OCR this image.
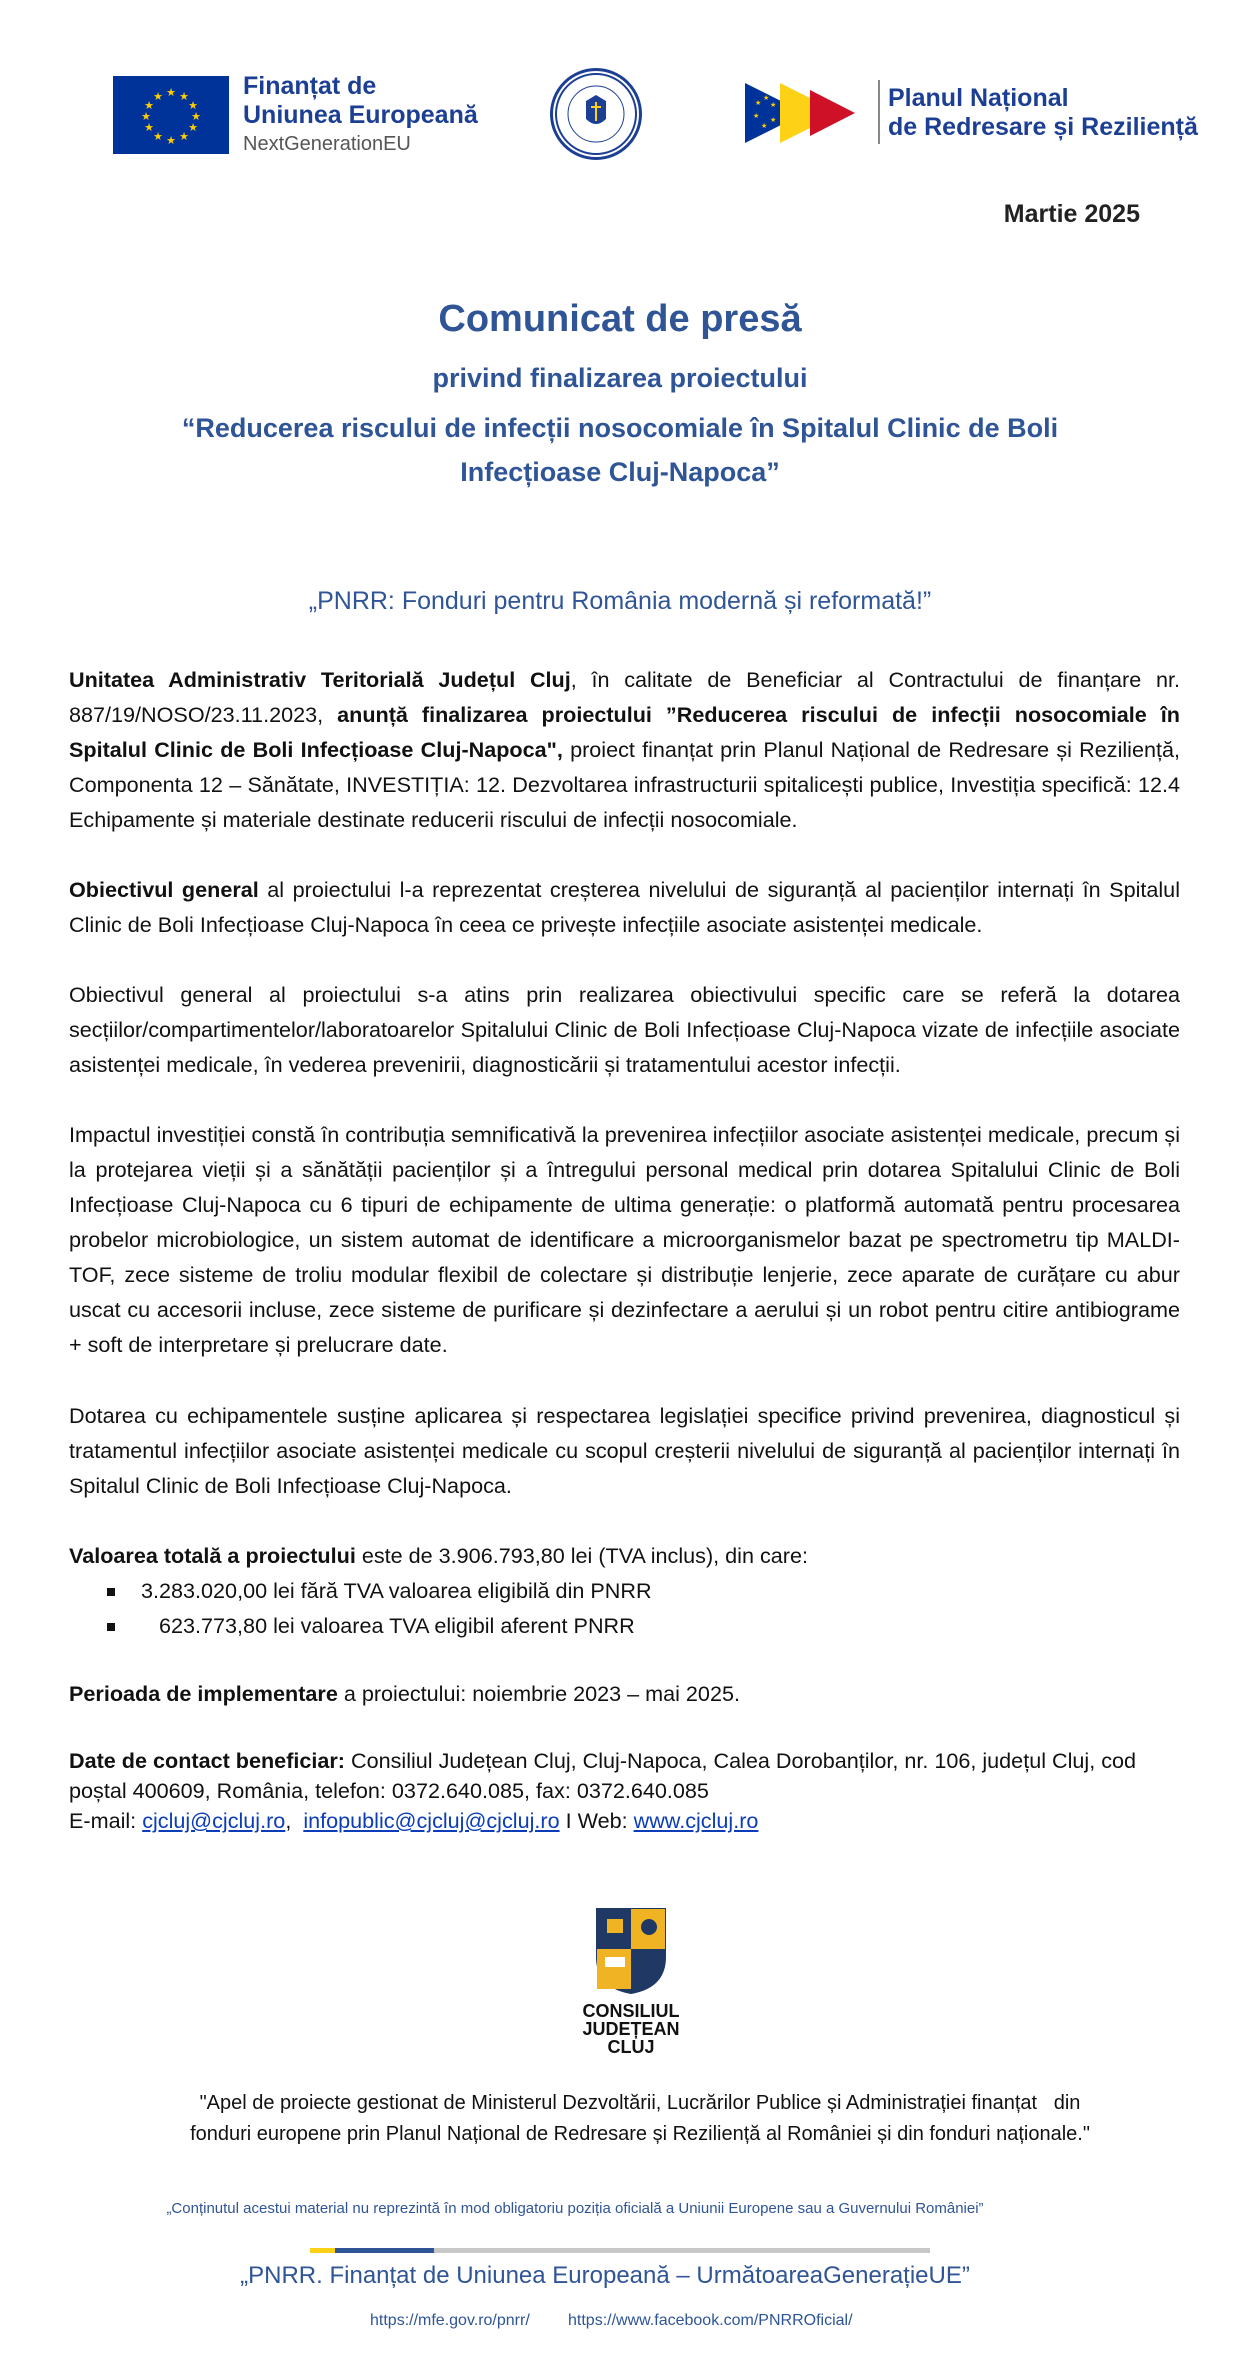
★ ★
★
★
★
★
★
★
★
★
★
★	Finanțat de
Uniunea Europeană
NextGenerationEU
★
★
★
★ ★
★
Planul Național
de Redresare și Reziliență
Martie 2025
Comunicat de presă
privind finalizarea proiectului
“Reducerea riscului de infecții nosocomiale în Spitalul Clinic de Boli
Infecțioase Cluj-Napoca”
„PNRR: Fonduri pentru România modernă și reformată!”
Unitatea Administrativ Teritorială Județul Cluj, în calitate de Beneficiar al Contractului de finanțare nr. 887/19/NOSO/23.11.2023, anunță finalizarea proiectului ”Reducerea riscului de infecții nosocomiale în Spitalul Clinic de Boli Infecțioase Cluj-Napoca", proiect finanțat prin Planul Național de Redresare și Reziliență, Componenta 12 – Sănătate, INVESTIȚIA: 12. Dezvoltarea infrastructurii spitalicești publice, Investiția specifică: 12.4 Echipamente și materiale destinate reducerii riscului de infecții nosocomiale.
Obiectivul general al proiectului l-a reprezentat creșterea nivelului de siguranță al pacienților internați în Spitalul Clinic de Boli Infecțioase Cluj-Napoca în ceea ce privește infecțiile asociate asistenței medicale.
Obiectivul general al proiectului s-a atins prin realizarea obiectivului specific care se referă la dotarea secțiilor/compartimentelor/laboratoarelor Spitalului Clinic de Boli Infecțioase Cluj-Napoca vizate de infecțiile asociate asistenței medicale, în vederea prevenirii, diagnosticării și tratamentului acestor infecții.
Impactul investiției constă în contribuția semnificativă la prevenirea infecțiilor asociate asistenței medicale, precum și la protejarea vieții și a sănătății pacienților și a întregului personal medical prin dotarea Spitalului Clinic de Boli Infecțioase Cluj-Napoca cu 6 tipuri de echipamente de ultima generație: o platformă automată pentru procesarea probelor microbiologice, un sistem automat de identificare a microorganismelor bazat pe spectrometru tip MALDI-TOF, zece sisteme de troliu modular flexibil de colectare și distribuție lenjerie, zece aparate de curățare cu abur uscat cu accesorii incluse, zece sisteme de purificare și dezinfectare a aerului și un robot pentru citire antibiograme + soft de interpretare și prelucrare date.
Dotarea cu echipamentele susține aplicarea și respectarea legislației specifice privind prevenirea, diagnosticul și tratamentul infecțiilor asociate asistenței medicale cu scopul creșterii nivelului de siguranță al pacienților internați în Spitalul Clinic de Boli Infecțioase Cluj-Napoca.
Valoarea totală a proiectului este de 3.906.793,80 lei (TVA inclus), din care:
3.283.020,00 lei fără TVA valoarea eligibilă din PNRR
623.773,80 lei valoarea TVA eligibil aferent PNRR
Perioada de implementare a proiectului: noiembrie 2023 – mai 2025.
Date de contact beneficiar: Consiliul Județean Cluj, Cluj-Napoca, Calea Dorobanților, nr. 106, județul Cluj, cod poștal 400609, România, telefon: 0372.640.085, fax: 0372.640.085
E-mail: cjcluj@cjcluj.ro,  infopublic@cjcluj@cjcluj.ro I Web: www.cjcluj.ro
CONSILIUL
JUDEȚEAN
CLUJ
"Apel de proiecte gestionat de Ministerul Dezvoltării, Lucrărilor Publice și Administrației finanțat   din
fonduri europene prin Planul Național de Redresare și Reziliență al României și din fonduri naționale."
„Conținutul acestui material nu reprezintă în mod obligatoriu poziția oficială a Uniunii Europene sau a Guvernului României”
„PNRR. Finanțat de Uniunea Europeană – UrmătoareaGenerațieUE”
https://mfe.gov.ro/pnrr/ https://www.facebook.com/PNRROficial/
